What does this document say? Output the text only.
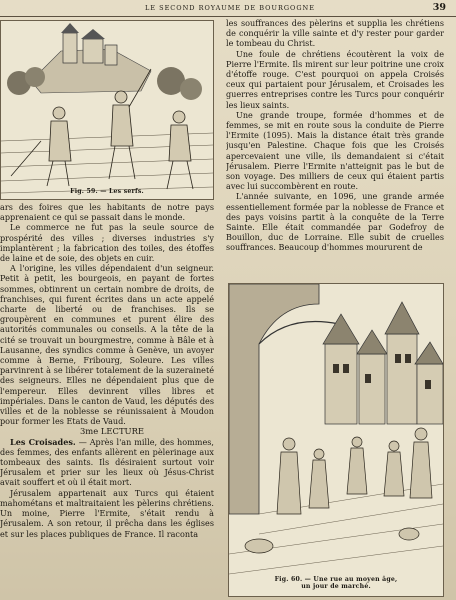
LE SECOND ROYAUME DE BOURGOGNE	39
Fig. 59. — Les serfs.

ars des foires que les habitants de notre pays apprenaient ce qui se passait dans le monde.

Le commerce ne fut pas la seule source de prospérité des villes ; diverses industries s'y implantèrent ; la fabrication des toiles, des étoffes de laine et de soie, des objets en cuir.

A l'origine, les villes dépendaient d'un seigneur. Petit à petit, les bourgeois, en payant de fortes sommes, obtinrent un certain nombre de droits, de franchises, qui furent écrites dans un acte appelé charte de liberté ou de franchises. Ils se groupèrent en communes et purent élire des autorités communales ou conseils. A la tête de la cité se trouvait un bourgmestre, comme à Bâle et à Lausanne, des syndics comme à Genève, un avoyer comme à Berne, Fribourg, Soleure. Les villes parvinrent à se libérer totalement de la suzeraineté des seigneurs. Elles ne dépendaient plus que de l'empereur. Elles devinrent villes libres et impériales. Dans le canton de Vaud, les députés des villes et de la noblesse se réunissaient à Moudon pour former les Etats de Vaud.

3me LECTURE

Les Croisades. — Après l'an mille, des hommes, des femmes, des enfants allèrent en pèlerinage aux tombeaux des saints. Ils désiraient surtout voir Jérusalem et prier sur les lieux où Jésus-Christ avait souffert et où il était mort.

Jérusalem appartenait aux Turcs qui étaient mahométans et maltraitaient les pèlerins chrétiens. Un moine, Pierre l'Ermite, s'était rendu à Jérusalem. A son retour, il prêcha dans les églises et sur les places publiques de France. Il raconta

les souffrances des pèlerins et supplia les chrétiens de conquérir la ville sainte et d'y rester pour garder le tombeau du Christ.

Une foule de chrétiens écoutèrent la voix de Pierre l'Ermite. Ils mirent sur leur poitrine une croix d'étoffe rouge. C'est pourquoi on appela Croisés ceux qui partaient pour Jérusalem, et Croisades les guerres entreprises contre les Turcs pour conquérir les lieux saints.

Une grande troupe, formée d'hommes et de femmes, se mit en route sous la conduite de Pierre l'Ermite (1095). Mais la distance était très grande jusqu'en Palestine. Chaque fois que les Croisés apercevaient une ville, ils demandaient si c'était Jérusalem. Pierre l'Ermite n'atteignit pas le but de son voyage. Des milliers de ceux qui étaient partis avec lui succombèrent en route.

L'année suivante, en 1096, une grande armée essentiellement formée par la noblesse de France et des pays voisins partit à la conquête de la Terre Sainte. Elle était commandée par Godefroy de Bouillon, duc de Lorraine. Elle subit de cruelles souffrances. Beaucoup d'hommes moururent de

Fig. 60. — Une rue au moyen âge,
un jour de marché.
